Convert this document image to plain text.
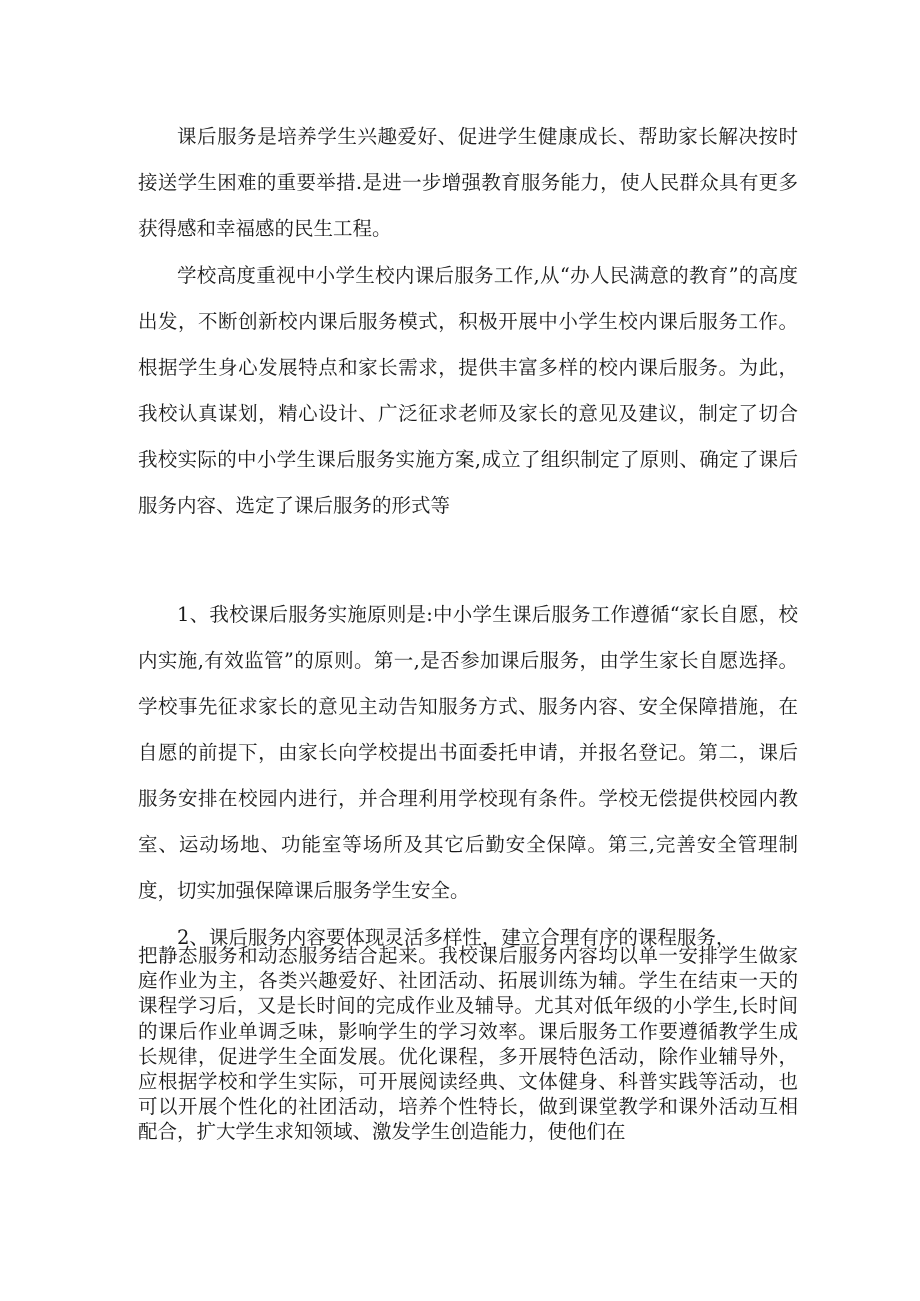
课后服务是培养学生兴趣爱好、促进学生健康成长、帮助家长解决按时接送学生困难的重要举措.是进一步增强教育服务能力，使人民群众具有更多获得感和幸福感的民生工程。

学校高度重视中小学生校内课后服务工作,从“办人民满意的教育”的高度出发，不断创新校内课后服务模式，积极开展中小学生校内课后服务工作。根据学生身心发展特点和家长需求，提供丰富多样的校内课后服务。为此，我校认真谋划，精心设计、广泛征求老师及家长的意见及建议，制定了切合我校实际的中小学生课后服务实施方案,成立了组织制定了原则、确定了课后服务内容、选定了课后服务的形式等

1、我校课后服务实施原则是:中小学生课后服务工作遵循“家长自愿，校内实施,有效监管”的原则。第一,是否参加课后服务，由学生家长自愿选择。学校事先征求家长的意见主动告知服务方式、服务内容、安全保障措施，在自愿的前提下，由家长向学校提出书面委托申请，并报名登记。第二，课后服务安排在校园内进行，并合理利用学校现有条件。学校无偿提供校园内教室、运动场地、功能室等场所及其它后勤安全保障。第三,完善安全管理制度，切实加强保障课后服务学生安全。

2、课后服务内容要体现灵活多样性，建立合理有序的课程服务，

把静态服务和动态服务结合起来。我校课后服务内容均以单一安排学生做家庭作业为主，各类兴趣爱好、社团活动、拓展训练为辅。学生在结束一天的课程学习后，又是长时间的完成作业及辅导。尤其对低年级的小学生,长时间的课后作业单调乏味，影响学生的学习效率。课后服务工作要遵循教学生成长规律，促进学生全面发展。优化课程，多开展特色活动，除作业辅导外，应根据学校和学生实际，可开展阅读经典、文体健身、科普实践等活动，也可以开展个性化的社团活动，培养个性特长，做到课堂教学和课外活动互相配合，扩大学生求知领域、激发学生创造能力，使他们在
